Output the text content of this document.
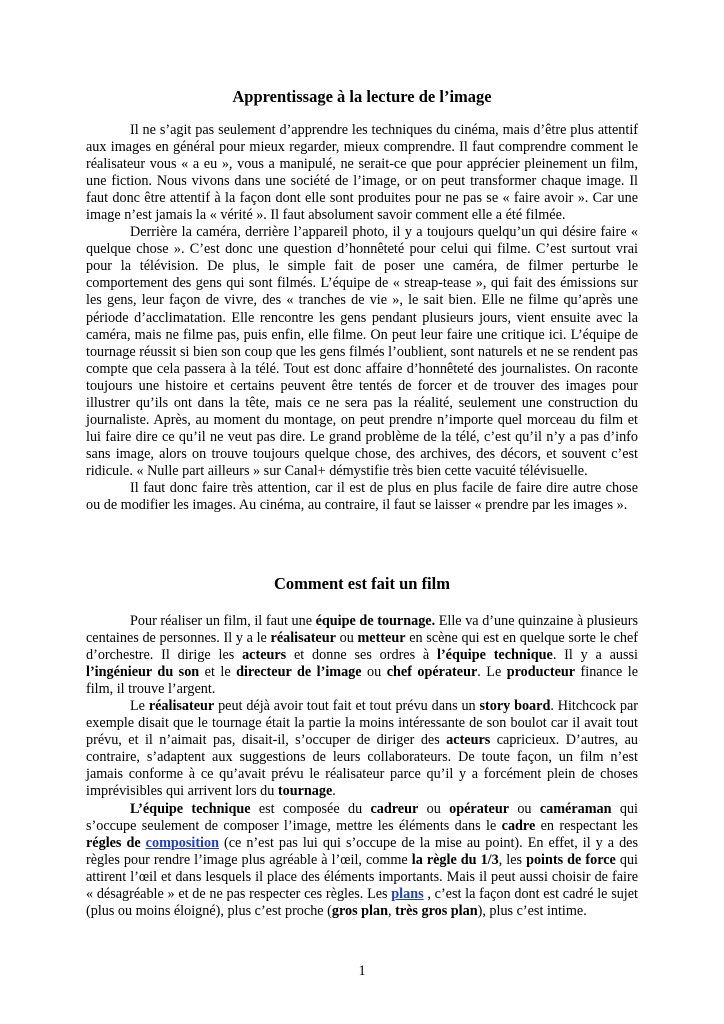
Apprentissage à la lecture de l’image

Il ne s’agit pas seulement d’apprendre les techniques du cinéma, mais d’être plus attentif aux images en général pour mieux regarder, mieux comprendre. Il faut comprendre comment le réalisateur vous « a eu », vous a manipulé, ne serait-ce que pour apprécier pleinement un film, une fiction. Nous vivons dans une société de l’image, or on peut transformer chaque image. Il faut donc être attentif à la façon dont elle sont produites pour ne pas se « faire avoir ». Car une image n’est jamais la « vérité ». Il faut absolument savoir comment elle a été filmée.

Derrière la caméra, derrière l’appareil photo, il y a toujours quelqu’un qui désire faire « quelque chose ». C’est donc une question d’honnêteté pour celui qui filme. C’est surtout vrai pour la télévision. De plus, le simple fait de poser une caméra, de filmer perturbe le comportement des gens qui sont filmés. L’équipe de « streap-tease », qui fait des émissions sur les gens, leur façon de vivre, des « tranches de vie », le sait bien. Elle ne filme qu’après une période d’acclimatation. Elle rencontre les gens pendant plusieurs jours, vient ensuite avec la caméra, mais ne filme pas, puis enfin, elle filme. On peut leur faire une critique ici. L’équipe de tournage réussit si bien son coup que les gens filmés l’oublient, sont naturels et ne se rendent pas compte que cela passera à la télé. Tout est donc affaire d’honnêteté des journalistes. On raconte toujours une histoire et certains peuvent être tentés de forcer et de trouver des images pour illustrer qu’ils ont dans la tête, mais ce ne sera pas la réalité, seulement une construction du journaliste. Après, au moment du montage, on peut prendre n’importe quel morceau du film et lui faire dire ce qu’il ne veut pas dire. Le grand problème de la télé, c’est qu’il n’y a pas d’info sans image, alors on trouve toujours quelque chose, des archives, des décors, et souvent c’est ridicule. « Nulle part ailleurs » sur Canal+ démystifie très bien cette vacuité télévisuelle.

Il faut donc faire très attention, car il est de plus en plus facile de faire dire autre chose ou de modifier les images. Au cinéma, au contraire, il faut se laisser « prendre par les images ».

Comment est fait un film

Pour réaliser un film, il faut une équipe de tournage. Elle va d’une quinzaine à plusieurs centaines de personnes. Il y a le réalisateur ou metteur en scène qui est en quelque sorte le chef d’orchestre. Il dirige les acteurs et donne ses ordres à l’équipe technique. Il y a aussi l’ingénieur du son et le directeur de l’image ou chef opérateur. Le producteur finance le film, il trouve l’argent.

Le réalisateur peut déjà avoir tout fait et tout prévu dans un story board. Hitchcock par exemple disait que le tournage était la partie la moins intéressante de son boulot car il avait tout prévu, et il n’aimait pas, disait-il, s’occuper de diriger des acteurs capricieux. D’autres, au contraire, s’adaptent aux suggestions de leurs collaborateurs. De toute façon, un film n’est jamais conforme à ce qu’avait prévu le réalisateur parce qu’il y a forcément plein de choses imprévisibles qui arrivent lors du tournage.

L’équipe technique est composée du cadreur ou opérateur ou caméraman qui s’occupe seulement de composer l’image, mettre les éléments dans le cadre en respectant les régles de composition (ce n’est pas lui qui s’occupe de la mise au point). En effet, il y a des règles pour rendre l’image plus agréable à l’œil, comme la règle du 1/3, les points de force qui attirent l’œil et dans lesquels il place des éléments importants. Mais il peut aussi choisir de faire « désagréable » et de ne pas respecter ces règles. Les plans , c’est la façon dont est cadré le sujet (plus ou moins éloigné), plus c’est proche (gros plan, très gros plan), plus c’est intime.

1
